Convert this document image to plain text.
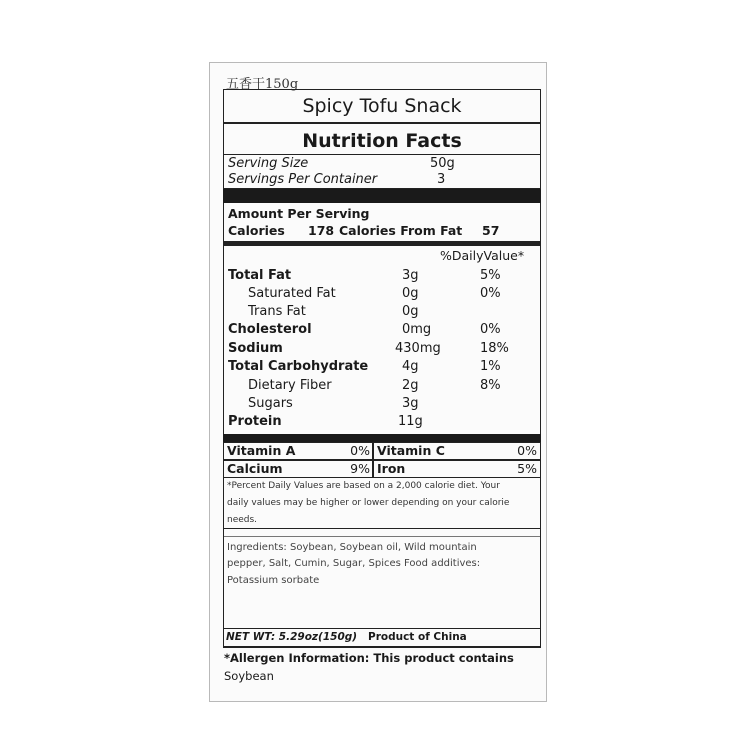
五香干150g
Spicy Tofu Snack
Nutrition Facts
Serving Size	50g
Servings Per Container	3
Amount Per Serving
Calories 178 Calories From Fat 57
%DailyValue*
Total Fat	3g	5%
Saturated Fat	0g	0%
Trans Fat	0g
Cholesterol	0mg	0%
Sodium	430mg	18%
Total Carbohydrate	4g	1%
Dietary Fiber	2g	8%
Sugars	3g
Protein	11g
Vitamin A	0% Vitamin C	0%
Calcium	9% Iron	5%
*Percent Daily Values are based on a 2,000 calorie diet. Your
daily values may be higher or lower depending on your calorie
needs.
Ingredients: Soybean, Soybean oil, Wild mountain
pepper, Salt, Cumin, Sugar, Spices Food additives:
Potassium sorbate
NET WT: 5.29oz(150g) Product of China
*Allergen Information: This product contains
Soybean
